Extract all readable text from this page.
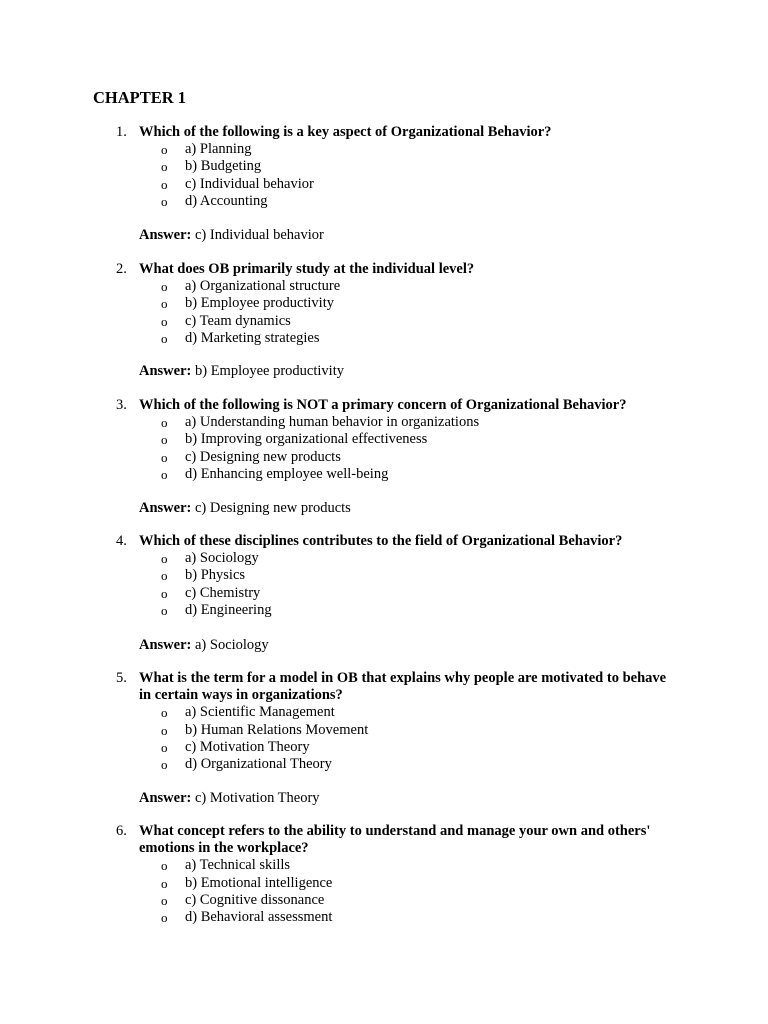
CHAPTER 1
1. Which of the following is a key aspect of Organizational Behavior?
o a) Planning
o b) Budgeting
o c) Individual behavior
o d) Accounting
Answer: c) Individual behavior
2. What does OB primarily study at the individual level?
o a) Organizational structure
o b) Employee productivity
o c) Team dynamics
o d) Marketing strategies
Answer: b) Employee productivity
3. Which of the following is NOT a primary concern of Organizational Behavior?
o a) Understanding human behavior in organizations
o b) Improving organizational effectiveness
o c) Designing new products
o d) Enhancing employee well-being
Answer: c) Designing new products
4. Which of these disciplines contributes to the field of Organizational Behavior?
o a) Sociology
o b) Physics
o c) Chemistry
o d) Engineering
Answer: a) Sociology
5. What is the term for a model in OB that explains why people are motivated to behave in certain ways in organizations?
o a) Scientific Management
o b) Human Relations Movement
o c) Motivation Theory
o d) Organizational Theory
Answer: c) Motivation Theory
6. What concept refers to the ability to understand and manage your own and others' emotions in the workplace?
o a) Technical skills
o b) Emotional intelligence
o c) Cognitive dissonance
o d) Behavioral assessment
